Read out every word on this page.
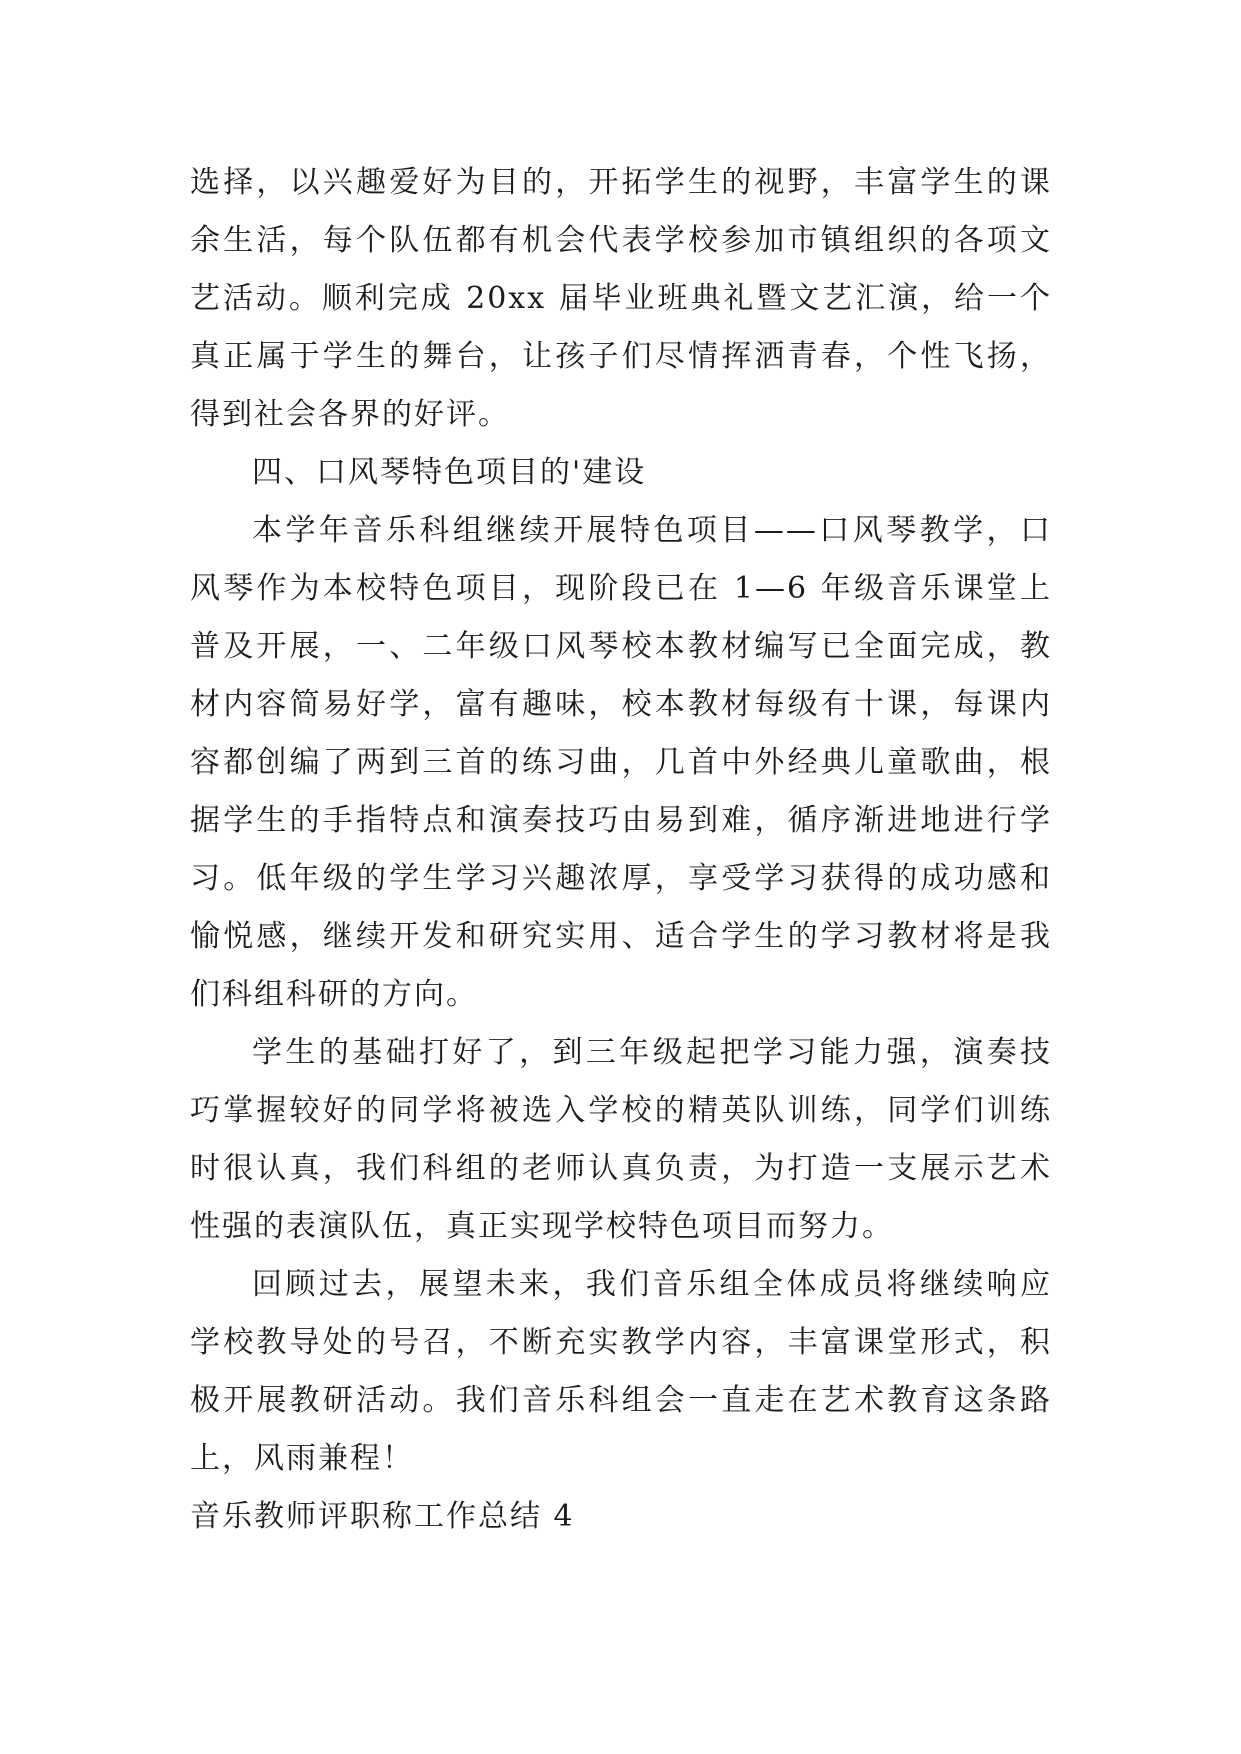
选择，以兴趣爱好为目的，开拓学生的视野，丰富学生的课
余生活，每个队伍都有机会代表学校参加市镇组织的各项文
艺活动。顺利完成 20xx 届毕业班典礼暨文艺汇演，给一个
真正属于学生的舞台，让孩子们尽情挥洒青春，个性飞扬，
得到社会各界的好评。
四、口风琴特色项目的'建设
本学年音乐科组继续开展特色项目——口风琴教学，口
风琴作为本校特色项目，现阶段已在 1—6 年级音乐课堂上
普及开展，一、二年级口风琴校本教材编写已全面完成，教
材内容简易好学，富有趣味，校本教材每级有十课，每课内
容都创编了两到三首的练习曲，几首中外经典儿童歌曲，根
据学生的手指特点和演奏技巧由易到难，循序渐进地进行学
习。低年级的学生学习兴趣浓厚，享受学习获得的成功感和
愉悦感，继续开发和研究实用、适合学生的学习教材将是我
们科组科研的方向。
学生的基础打好了，到三年级起把学习能力强，演奏技
巧掌握较好的同学将被选入学校的精英队训练，同学们训练
时很认真，我们科组的老师认真负责，为打造一支展示艺术
性强的表演队伍，真正实现学校特色项目而努力。
回顾过去，展望未来，我们音乐组全体成员将继续响应
学校教导处的号召，不断充实教学内容，丰富课堂形式，积
极开展教研活动。我们音乐科组会一直走在艺术教育这条路
上，风雨兼程！
音乐教师评职称工作总结 4
